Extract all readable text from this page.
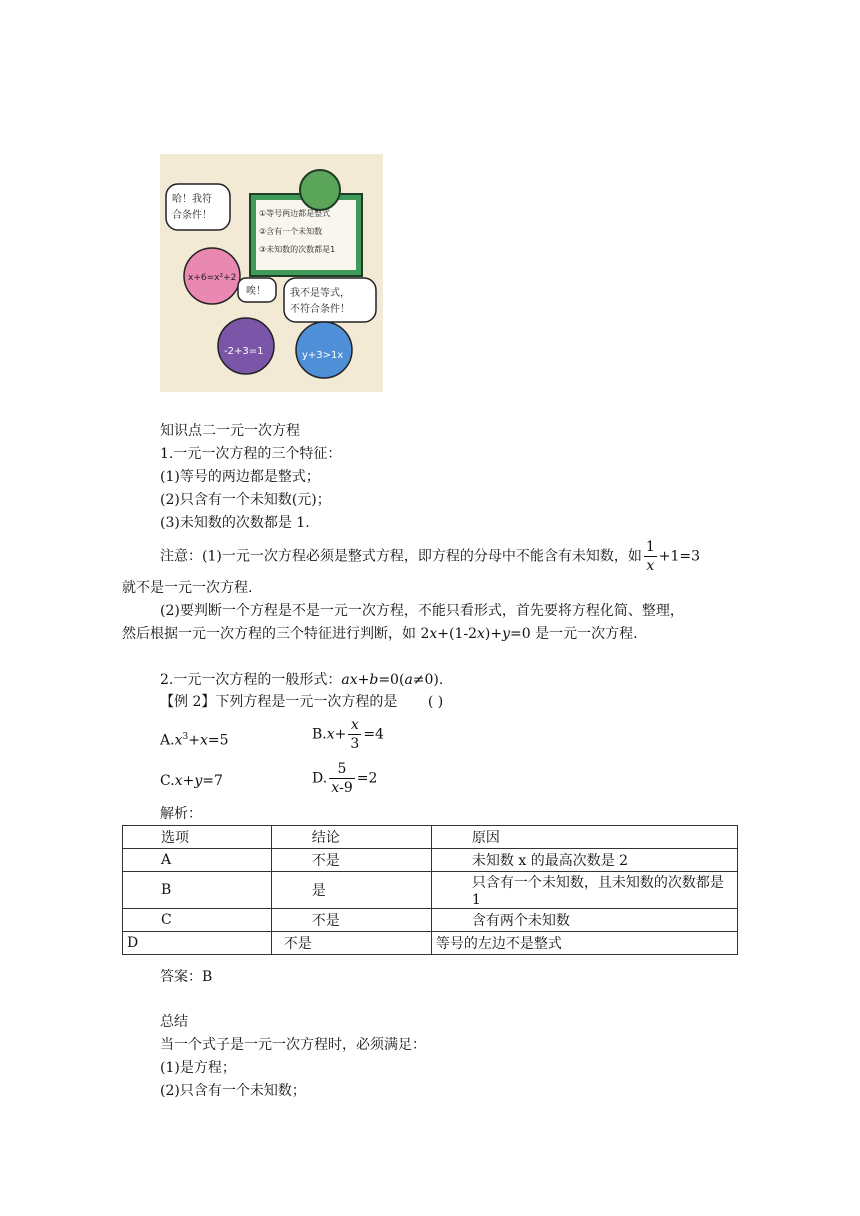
哈！我符
合条件！	①等号两边都是整式
②含有一个未知数
③未知数的次数都是1
x+6=x²+2
唉！ 我不是等式，
不符合条件！
-2+3=1	y+3>1x
知识点二一元一次方程
1.一元一次方程的三个特征：
(1)等号的两边都是整式；
(2)只含有一个未知数(元)；
(3)未知数的次数都是 1.
注意：(1)一元一次方程必须是整式方程，即方程的分母中不能含有未知数，如 $\frac{1}{x} +1=3$
就不是一元一次方程.
(2)要判断一个方程是不是一元一次方程，不能只看形式，首先要将方程化简、整理，
然后根据一元一次方程的三个特征进行判断，如 2x+(1-2x)+y=0 是一元一次方程.
2.一元一次方程的一般形式：ax+b=0(a≠0).
【例 2】下列方程是一元一次方程的是 ( )
$A.x^3+x=5$	$B.x+ \frac{x}{3} =4$
C.x+y=7	D. $\frac{5}{x-9} =2$
解析：
选项	结论	原因
A	不是	未知数 x 的最高次数是 2
B	是	只含有一个未知数，且未知数的次数都是 1
C	不是	含有两个未知数
D	不是	等号的左边不是整式
答案：B
总结
当一个式子是一元一次方程时，必须满足：
(1)是方程；
(2)只含有一个未知数；
